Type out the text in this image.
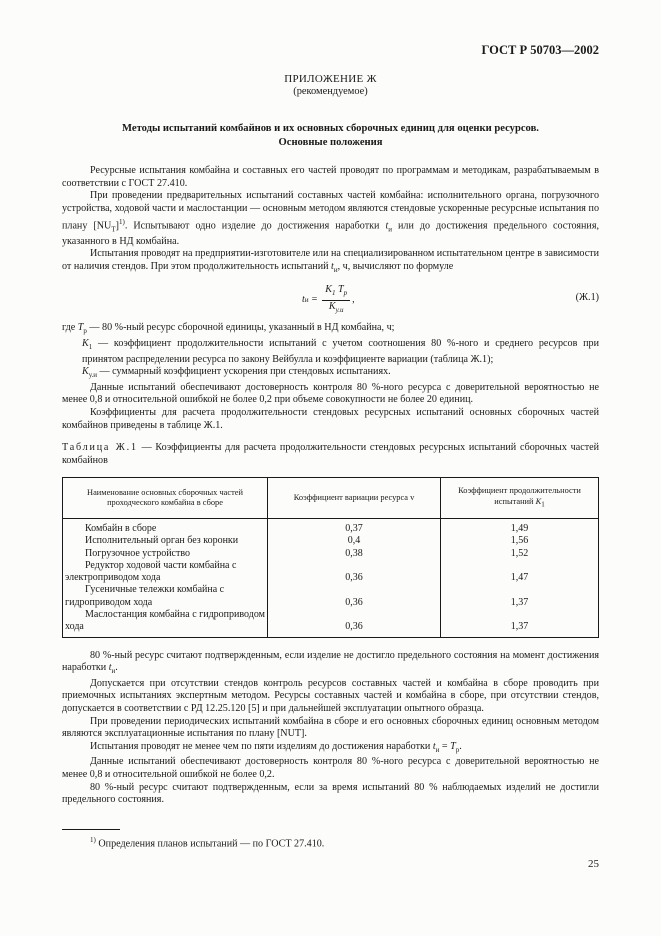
ГОСТ Р 50703—2002
ПРИЛОЖЕНИЕ Ж
(рекомендуемое)
Методы испытаний комбайнов и их основных сборочных единиц для оценки ресурсов.
Основные положения

Ресурсные испытания комбайна и составных его частей проводят по программам и методикам, разрабатываемым в соответствии с ГОСТ 27.410.

При проведении предварительных испытаний составных частей комбайна: исполнительного органа, погрузочного устройства, ходовой части и маслостанции — основным методом являются стендовые ускоренные ресурсные испытания по плану $[NU_Т]^{1)}$. Испытывают одно изделие до достижения наработки $t_и$ или до достижения предельного состояния, указанного в НД комбайна.

Испытания проводят на предприятии-изготовителе или на специализированном испытательном центре в зависимости от наличия стендов. При этом продолжительность испытаний $t_и$, ч, вычисляют по формуле

t $и = \frac{K_1 T_p}{K_{у.и}}$ ,	(Ж.1)

где $T_р$ — 80 %-ный ресурс сборочной единицы, указанный в НД комбайна, ч;

$K_1$ — коэффициент продолжительности испытаний с учетом соотношения 80 %-ного и среднего ресурсов при принятом распределении ресурса по закону Вейбулла и коэффициенте вариации (таблица Ж.1);

$K_{у.и}$ — суммарный коэффициент ускорения при стендовых испытаниях.

Данные испытаний обеспечивают достоверность контроля 80 %-ного ресурса с доверительной вероятностью не менее 0,8 и относительной ошибкой не более 0,2 при объеме совокупности не более 20 единиц.

Коэффициенты для расчета продолжительности стендовых ресурсных испытаний основных сборочных частей комбайнов приведены в таблице Ж.1.

Таблица Ж.1 — Коэффициенты для расчета продолжительности стендовых ресурсных испытаний сборочных частей комбайнов

Наименование основных сборочных частей проходческого комбайна в сборе	Коэффициент вариации ресурса v	Коэффициент продолжительности испытаний $K_1$
Комбайн в сборе	0,37	1,49
Исполнительный орган без коронки	0,4	1,56
Погрузочное устройство	0,38	1,52
Редуктор ходовой части комбайна с электроприводом хода	0,36	1,47
Гусеничные тележки комбайна с гидроприводом хода	0,36	1,37
Маслостанция комбайна с гидроприводом хода	0,36	1,37

80 %-ный ресурс считают подтвержденным, если изделие не достигло предельного состояния на момент достижения наработки $t_и$.

Допускается при отсутствии стендов контроль ресурсов составных частей и комбайна в сборе проводить при приемочных испытаниях экспертным методом. Ресурсы составных частей и комбайна в сборе, при отсутствии стендов, допускается в соответствии с РД 12.25.120 [5] и при дальнейшей эксплуатации опытного образца.

При проведении периодических испытаний комбайна в сборе и его основных сборочных единиц основным методом являются эксплуатационные испытания по плану [NUT].

Испытания проводят не менее чем по пяти изделиям до достижения наработки $t_и = T_р$.

Данные испытаний обеспечивают достоверность контроля 80 %-ного ресурса с доверительной вероятностью не менее 0,8 и относительной ошибкой не более 0,2.

80 %-ный ресурс считают подтвержденным, если за время испытаний 80 % наблюдаемых изделий не достигли предельного состояния.

$^{1)}$ Определения планов испытаний — по ГОСТ 27.410.
25
